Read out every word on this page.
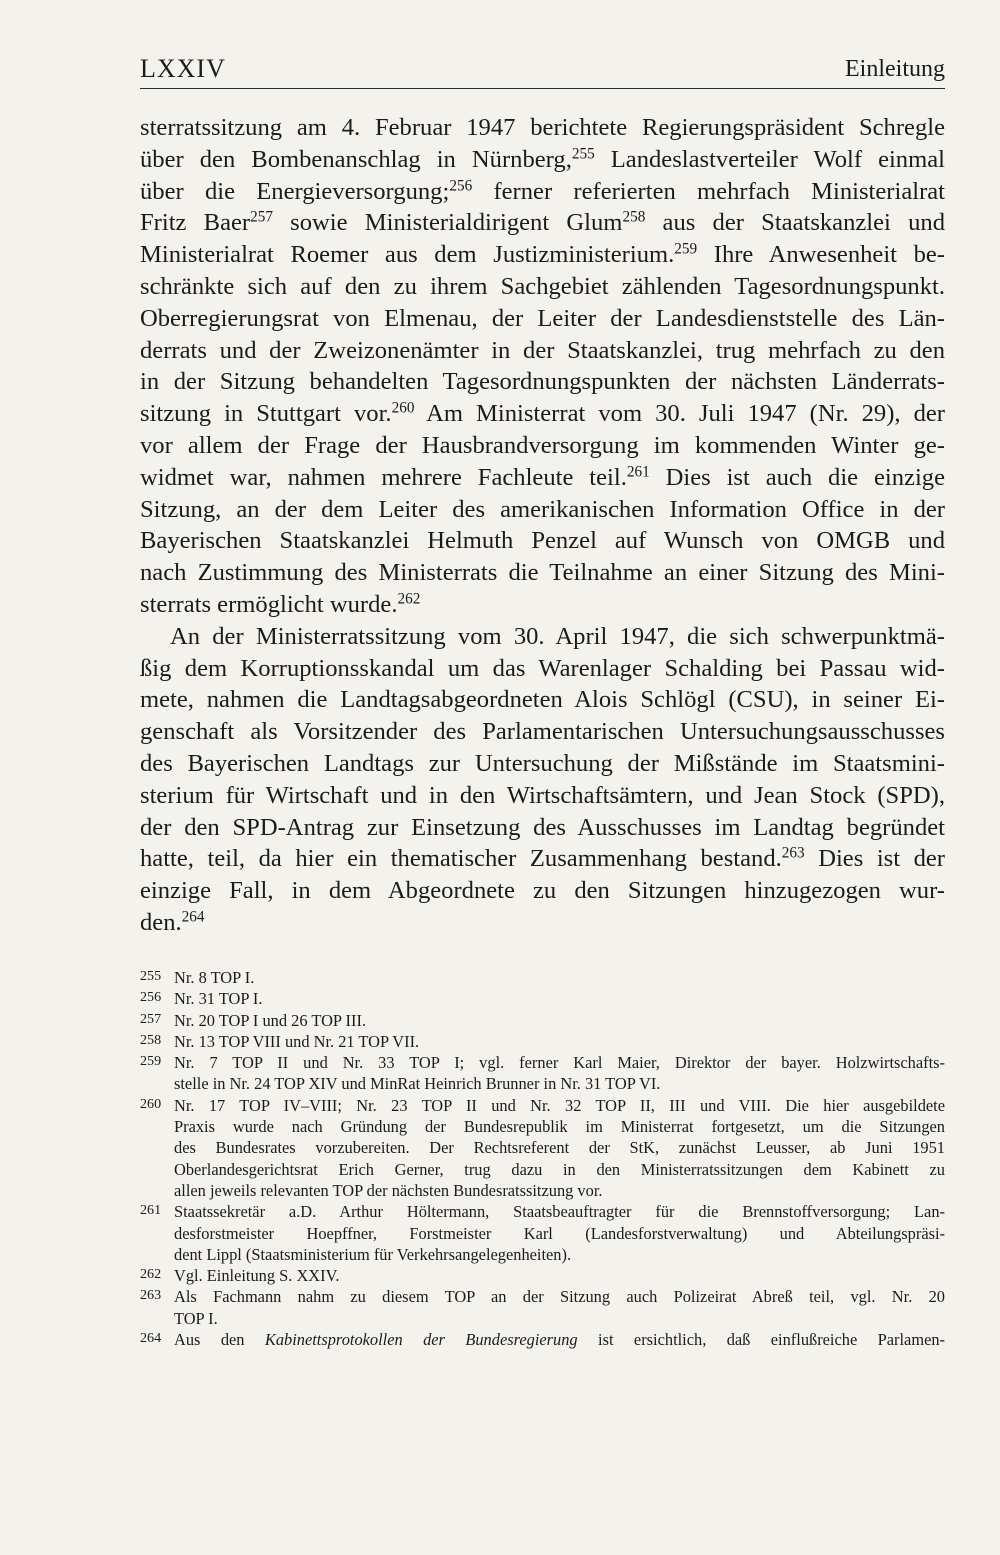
LXXIV	Einleitung
sterratssitzung am 4. Februar 1947 berichtete Regierungspräsident Schregle
über den Bombenanschlag in Nürnberg,$^{255}$ Landeslastverteiler Wolf einmal
über die Energieversorgung;$^{256}$ ferner referierten mehrfach Ministerialrat
Fritz Baer$^{257}$ sowie Ministerialdirigent Glum$^{258}$ aus der Staatskanzlei und
Ministerialrat Roemer aus dem Justizministerium.$^{259}$ Ihre Anwesenheit be-
schränkte sich auf den zu ihrem Sachgebiet zählenden Tagesordnungspunkt.
Oberregierungsrat von Elmenau, der Leiter der Landesdienststelle des Län-
derrats und der Zweizonenämter in der Staatskanzlei, trug mehrfach zu den
in der Sitzung behandelten Tagesordnungspunkten der nächsten Länderrats-
sitzung in Stuttgart vor.$^{260}$ Am Ministerrat vom 30. Juli 1947 (Nr. 29), der
vor allem der Frage der Hausbrandversorgung im kommenden Winter ge-
widmet war, nahmen mehrere Fachleute teil.$^{261}$ Dies ist auch die einzige
Sitzung, an der dem Leiter des amerikanischen Information Office in der
Bayerischen Staatskanzlei Helmuth Penzel auf Wunsch von OMGB und
nach Zustimmung des Ministerrats die Teilnahme an einer Sitzung des Mini-
sterrats ermöglicht wurde.$^{262}$
An der Ministerratssitzung vom 30. April 1947, die sich schwerpunktmä-
ßig dem Korruptionsskandal um das Warenlager Schalding bei Passau wid-
mete, nahmen die Landtagsabgeordneten Alois Schlögl (CSU), in seiner Ei-
genschaft als Vorsitzender des Parlamentarischen Untersuchungsausschusses
des Bayerischen Landtags zur Untersuchung der Mißstände im Staatsmini-
sterium für Wirtschaft und in den Wirtschaftsämtern, und Jean Stock (SPD),
der den SPD-Antrag zur Einsetzung des Ausschusses im Landtag begründet
hatte, teil, da hier ein thematischer Zusammenhang bestand.$^{263}$ Dies ist der
einzige Fall, in dem Abgeordnete zu den Sitzungen hinzugezogen wur-
den.$^{264}$
255 Nr. 8 TOP I.
256 Nr. 31 TOP I.
257 Nr. 20 TOP I und 26 TOP III.
258 Nr. 13 TOP VIII und Nr. 21 TOP VII.
259 Nr. 7 TOP II und Nr. 33 TOP I; vgl. ferner Karl Maier, Direktor der bayer. Holzwirtschafts-
stelle in Nr. 24 TOP XIV und MinRat Heinrich Brunner in Nr. 31 TOP VI.
260 Nr. 17 TOP IV–VIII; Nr. 23 TOP II und Nr. 32 TOP II, III und VIII. Die hier ausgebildete
Praxis wurde nach Gründung der Bundesrepublik im Ministerrat fortgesetzt, um die Sitzungen
des Bundesrates vorzubereiten. Der Rechtsreferent der StK, zunächst Leusser, ab Juni 1951
Oberlandesgerichtsrat Erich Gerner, trug dazu in den Ministerratssitzungen dem Kabinett zu
allen jeweils relevanten TOP der nächsten Bundesratssitzung vor.
261 Staatssekretär a.D. Arthur Höltermann, Staatsbeauftragter für die Brennstoffversorgung; Lan-
desforstmeister Hoepffner, Forstmeister Karl (Landesforstverwaltung) und Abteilungspräsi-
dent Lippl (Staatsministerium für Verkehrsangelegenheiten).
262 Vgl. Einleitung S. XXIV.
263 Als Fachmann nahm zu diesem TOP an der Sitzung auch Polizeirat Abreß teil, vgl. Nr. 20
TOP I.
264 Aus den Kabinettsprotokollen der Bundesregierung ist ersichtlich, daß einflußreiche Parlamen-
